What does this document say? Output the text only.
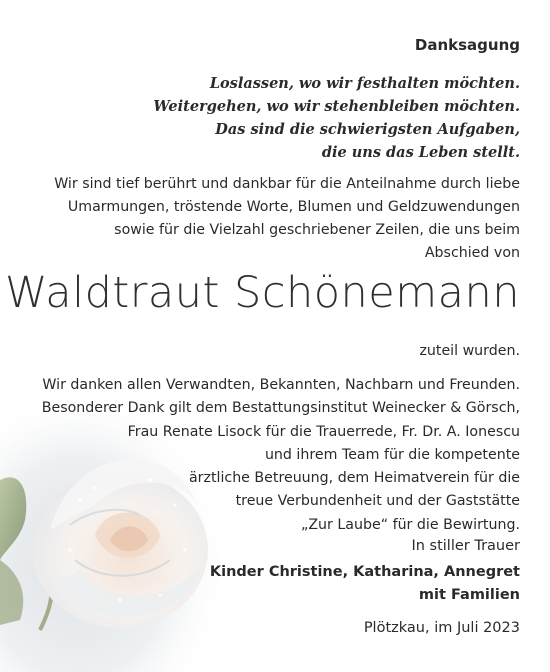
Danksagung
Loslassen, wo wir festhalten möchten.
Weitergehen, wo wir stehenbleiben möchten.
Das sind die schwierigsten Aufgaben,
die uns das Leben stellt.
Wir sind tief berührt und dankbar für die Anteilnahme durch liebe
Umarmungen, tröstende Worte, Blumen und Geldzuwendungen
sowie für die Vielzahl geschriebener Zeilen, die uns beim
Abschied von
Waldtraut Schönemann
zuteil wurden.
Wir danken allen Verwandten, Bekannten, Nachbarn und Freunden.
Besonderer Dank gilt dem Bestattungsinstitut Weinecker & Görsch,
Frau Renate Lisock für die Trauerrede, Fr. Dr. A. Ionescu
und ihrem Team für die kompetente
ärztliche Betreuung, dem Heimatverein für die
treue Verbundenheit und der Gaststätte
„Zur Laube“ für die Bewirtung.
In stiller Trauer
Kinder Christine, Katharina, Annegret
mit Familien
Plötzkau, im Juli 2023
